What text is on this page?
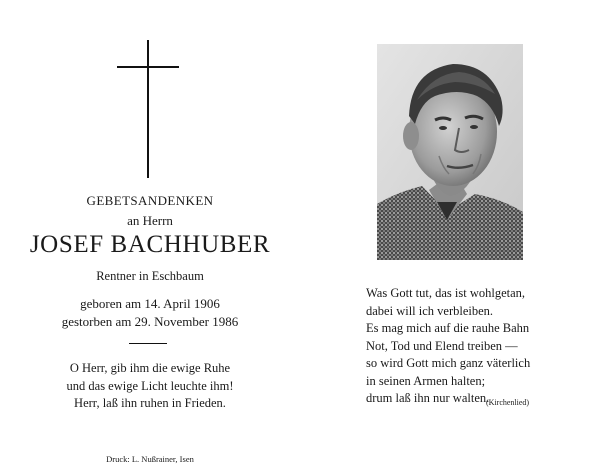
GEBETSANDENKEN
an Herrn
JOSEF BACHHUBER
Rentner in Eschbaum
geboren am 14. April 1906
gestorben am 29. November 1986
O Herr, gib ihm die ewige Ruhe
und das ewige Licht leuchte ihm!
Herr, laß ihn ruhen in Frieden.
Druck: L. Nußrainer, Isen
Was Gott tut, das ist wohlgetan,
dabei will ich verbleiben.
Es mag mich auf die rauhe Bahn
Not, Tod und Elend treiben —
so wird Gott mich ganz väterlich
in seinen Armen halten;
drum laß ihn nur walten.
(Kirchenlied)
